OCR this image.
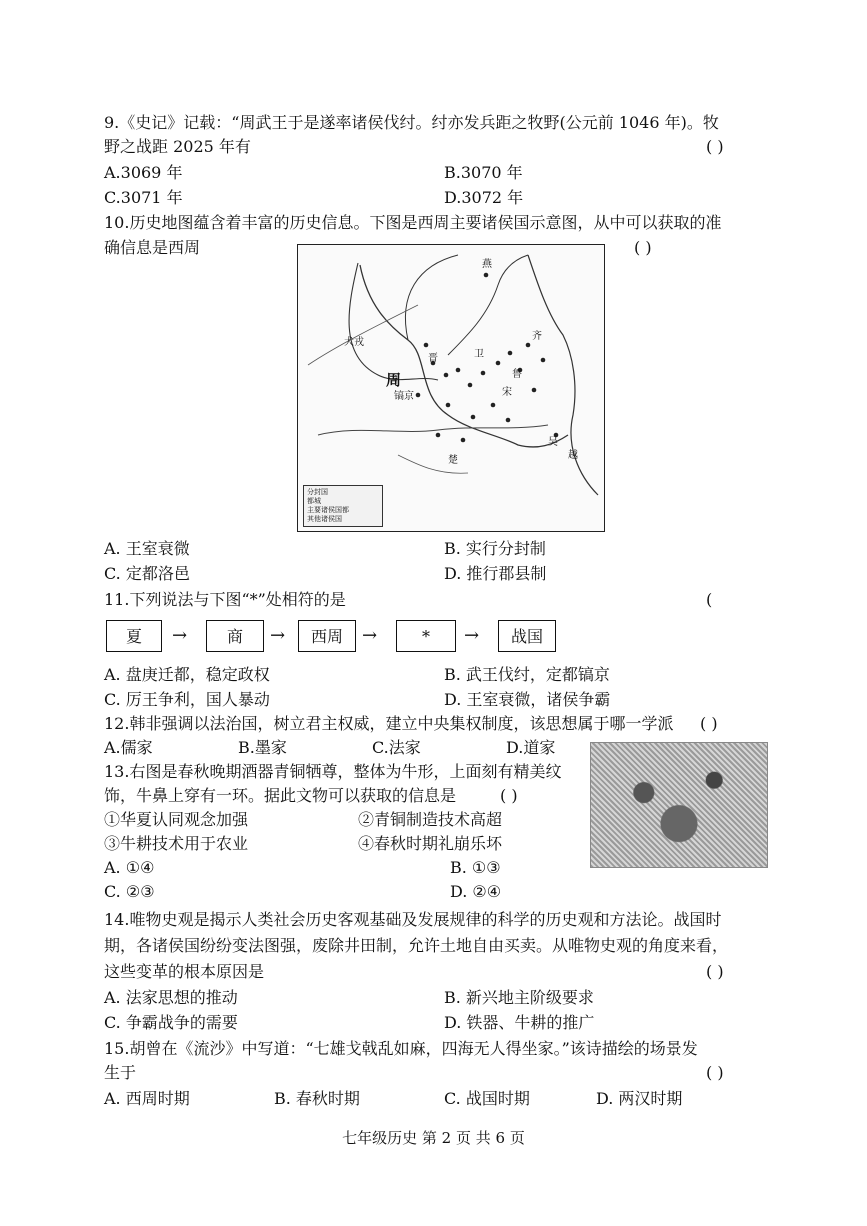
9.《史记》记载：“周武王于是遂率诸侯伐纣。纣亦发兵距之牧野(公元前 1046 年)。牧
野之战距 2025 年有	( )
A.3069 年	B.3070 年
C.3071 年	D.3072 年
10.历史地图蕴含着丰富的历史信息。下图是西周主要诸侯国示意图，从中可以获取的准
确信息是西周	( )
周
燕
犬戎
镐京
晋	卫
鲁
齐
宋
楚
吴
越
分封国
都城
主要诸侯国都
其他诸侯国
A. 王室衰微	B. 实行分封制
C. 定都洛邑	D. 推行郡县制
11.下列说法与下图“*”处相符的是	(
夏	→	商	→	西周	→	*	→	战国
A. 盘庚迁都，稳定政权	B. 武王伐纣，定都镐京
C. 厉王争利，国人暴动	D. 王室衰微，诸侯争霸
12.韩非强调以法治国，树立君主权威，建立中央集权制度，该思想属于哪一学派 ( )
A.儒家	B.墨家	C.法家	D.道家
13.右图是春秋晚期酒器青铜牺尊，整体为牛形，上面刻有精美纹
饰，牛鼻上穿有一环。据此文物可以获取的信息是	( )
①华夏认同观念加强	②青铜制造技术高超
③牛耕技术用于农业	④春秋时期礼崩乐坏
A. ①④	B. ①③
C. ②③	D. ②④
14.唯物史观是揭示人类社会历史客观基础及发展规律的科学的历史观和方法论。战国时
期，各诸侯国纷纷变法图强，废除井田制，允许土地自由买卖。从唯物史观的角度来看，
这些变革的根本原因是	( )
A. 法家思想的推动	B. 新兴地主阶级要求
C. 争霸战争的需要	D. 铁器、牛耕的推广
15.胡曾在《流沙》中写道：“七雄戈戟乱如麻，四海无人得坐家。”该诗描绘的场景发
生于	( )
A. 西周时期	B. 春秋时期	C. 战国时期	D. 两汉时期
七年级历史 第 2 页 共 6 页
